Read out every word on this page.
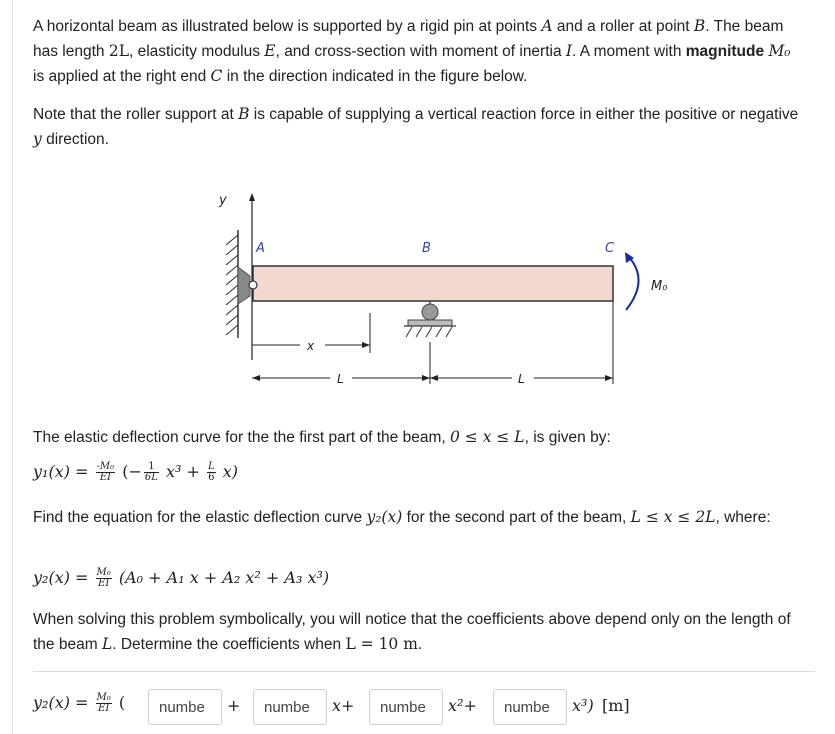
A horizontal beam as illustrated below is supported by a rigid pin at points A and a roller at point B. The beam has length 2L, elasticity modulus E, and cross-section with moment of inertia I. A moment with magnitude M₀ is applied at the right end C in the direction indicated in the figure below.
Note that the roller support at B is capable of supplying a vertical reaction force in either the positive or negative y direction.
y
A	B	C
M₀
x
L	L
The elastic deflection curve for the the first part of the beam, 0 ≤ x ≤ L, is given by:
$y_1(x) = \frac{\text{-M₀}}{EI}$ (− $\frac{1}{6L} x^3 + \frac{L}{6} x$)
Find the equation for the elastic deflection curve y₂(x) for the second part of the beam, L ≤ x ≤ 2L, where:
$y_2(x) = \frac{\text{M₀}}{EI} (A_0 + A_1$ x + A₂ x² + A₃ x³)
When solving this problem symbolically, you will notice that the coefficients above depend only on the length of the beam L. Determine the coefficients when L = 10 m.
$y_2(x) = \frac{\text{M₀}}{EI}$ (
numbe	+
numbe	x+
numbe	x²+
numbe	x³) [m]
